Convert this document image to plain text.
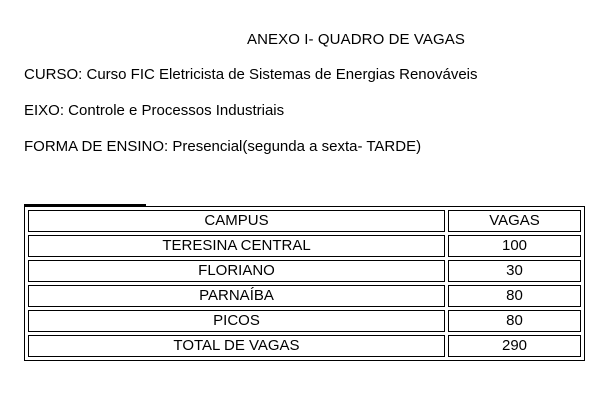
ANEXO I- QUADRO DE VAGAS
CURSO: Curso FIC Eletricista de Sistemas de Energias Renováveis
EIXO: Controle e Processos Industriais
FORMA DE ENSINO: Presencial(segunda a sexta- TARDE)
CAMPUS	VAGAS
TERESINA CENTRAL	100
FLORIANO	30
PARNAÍBA	80
PICOS	80
TOTAL DE VAGAS	290
